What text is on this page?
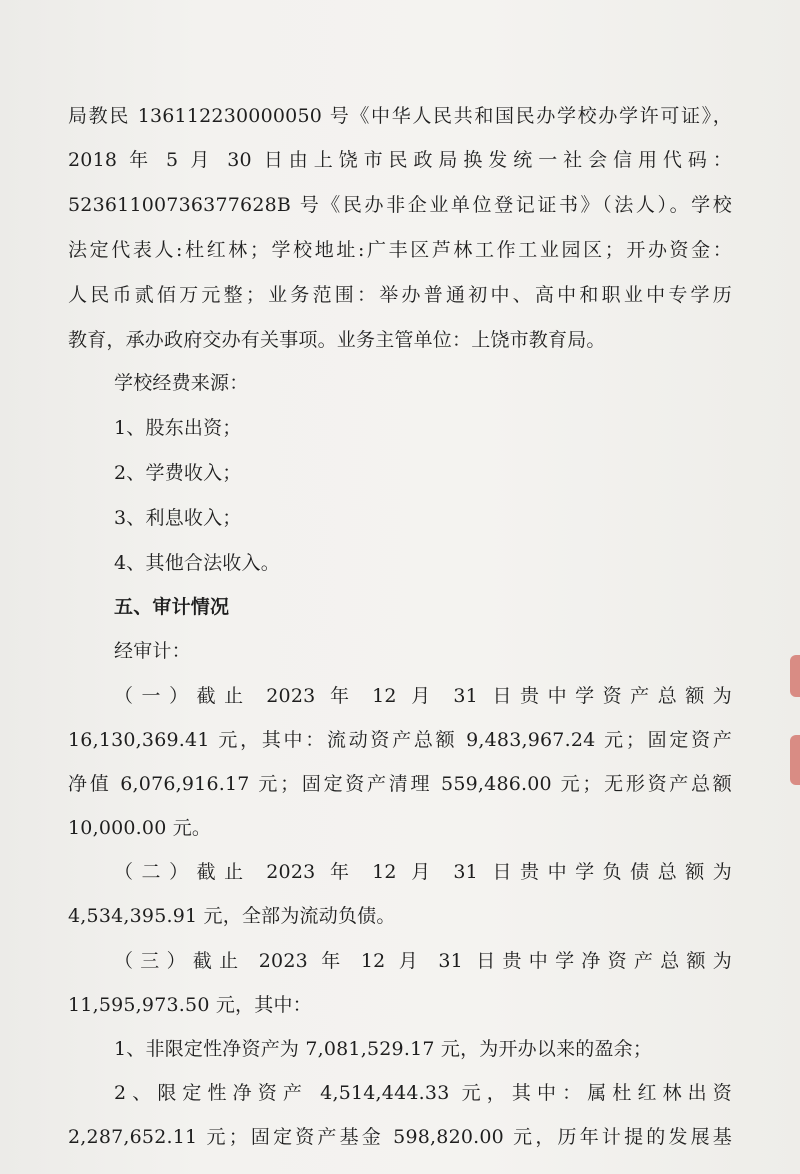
局教民 136112230000050 号《中华人民共和国民办学校办学许可证》，
2018 年 5 月 30 日由上饶市民政局换发统一社会信用代码：
52361100736377628B 号《民办非企业单位登记证书》（法人）。学校
法定代表人:杜红林；学校地址:广丰区芦林工作工业园区；开办资金：
人民币贰佰万元整；业务范围：举办普通初中、高中和职业中专学历
教育，承办政府交办有关事项。业务主管单位：上饶市教育局。
学校经费来源：
1、股东出资；
2、学费收入；
3、利息收入；
4、其他合法收入。
五、审计情况
经审计：
（一）截止 2023 年 12 月 31 日贵中学资产总额为
16,130,369.41 元，其中：流动资产总额 9,483,967.24 元；固定资产
净值 6,076,916.17 元；固定资产清理 559,486.00 元；无形资产总额
10,000.00 元。
（二）截止 2023 年 12 月 31 日贵中学负债总额为
4,534,395.91 元，全部为流动负债。
（三）截止 2023 年 12 月 31 日贵中学净资产总额为
11,595,973.50 元，其中：
1、非限定性净资产为 7,081,529.17 元，为开办以来的盈余；
2、限定性净资产 4,514,444.33 元，其中：属杜红林出资
2,287,652.11 元；固定资产基金 598,820.00 元，历年计提的发展基
